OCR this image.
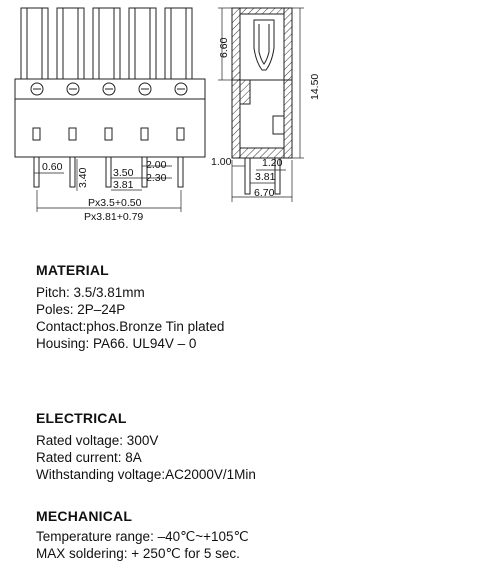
0.60
3.40 3.50
3.81
2.00
2.30
Px3.5+0.50
Px3.81+0.79
6.60
14.50
1.00	1.20
3.81
6.70
MATERIAL
Pitch: 3.5/3.81mm
Poles: 2P–24P
Contact:phos.Bronze Tin plated
Housing: PA66. UL94V – 0
ELECTRICAL
Rated voltage: 300V
Rated current: 8A
Withstanding voltage:AC2000V/1Min
MECHANICAL
Temperature range: –40℃~+105℃
MAX soldering: + 250℃ for 5 sec.
